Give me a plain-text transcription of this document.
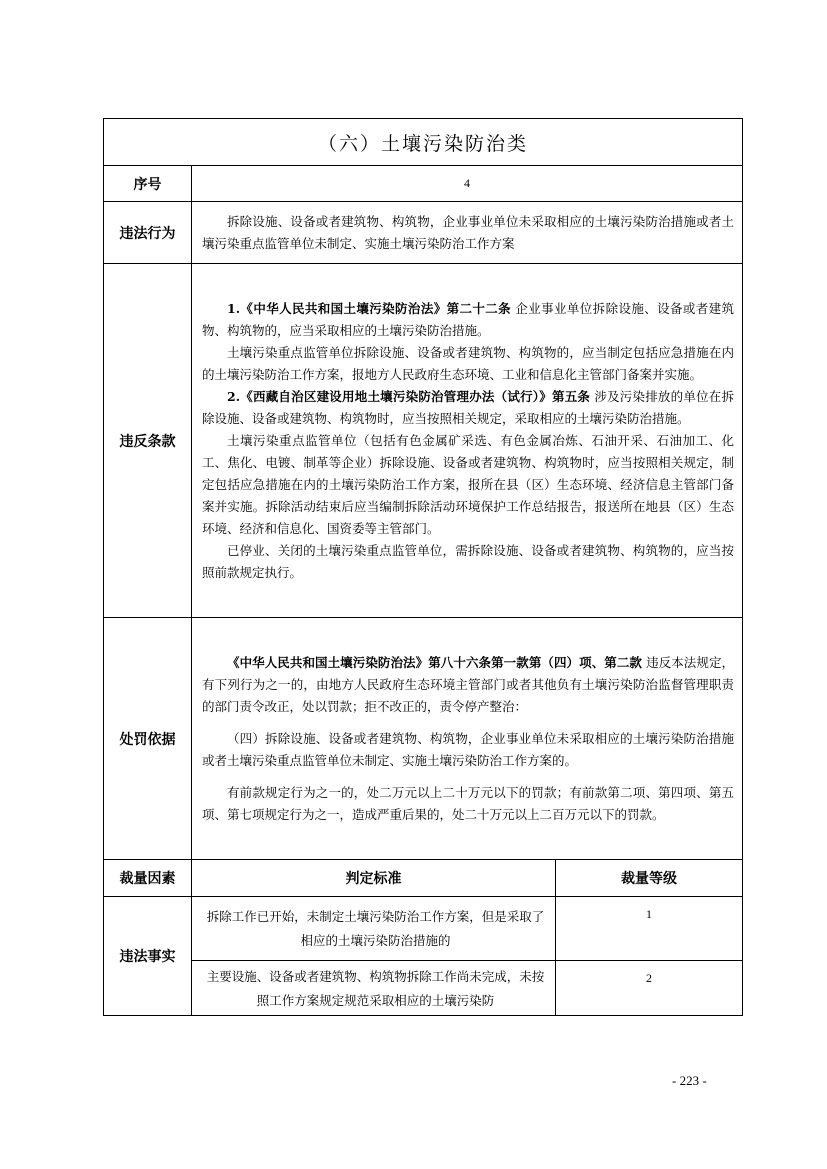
（六）土壤污染防治类		
序号	4	
违法行为	拆除设施、设备或者建筑物、构筑物，企业事业单位未采取相应的土壤污染防治措施或者土壤污染重点监管单位未制定、实施土壤污染防治工作方案	

违反条款	1.《中华人民共和国土壤污染防治法》第二十二条 企业事业单位拆除设施、设备或者建筑物、构筑物的，应当采取相应的土壤污染防治措施。

土壤污染重点监管单位拆除设施、设备或者建筑物、构筑物的，应当制定包括应急措施在内的土壤污染防治工作方案，报地方人民政府生态环境、工业和信息化主管部门备案并实施。

2.《西藏自治区建设用地土壤污染防治管理办法（试行）》第五条 涉及污染排放的单位在拆除设施、设备或建筑物、构筑物时，应当按照相关规定，采取相应的土壤污染防治措施。

土壤污染重点监管单位（包括有色金属矿采选、有色金属冶炼、石油开采、石油加工、化工、焦化、电镀、制革等企业）拆除设施、设备或者建筑物、构筑物时，应当按照相关规定，制定包括应急措施在内的土壤污染防治工作方案，报所在县（区）生态环境、经济信息主管部门备案并实施。拆除活动结束后应当编制拆除活动环境保护工作总结报告，报送所在地县（区）生态环境、经济和信息化、国资委等主管部门。

已停业、关闭的土壤污染重点监管单位，需拆除设施、设备或者建筑物、构筑物的，应当按照前款规定执行。	

处罚依据	《中华人民共和国土壤污染防治法》第八十六条第一款第（四）项、第二款 违反本法规定，有下列行为之一的，由地方人民政府生态环境主管部门或者其他负有土壤污染防治监督管理职责的部门责令改正，处以罚款；拒不改正的，责令停产整治：

（四）拆除设施、设备或者建筑物、构筑物，企业事业单位未采取相应的土壤污染防治措施或者土壤污染重点监管单位未制定、实施土壤污染防治工作方案的。

有前款规定行为之一的，处二万元以上二十万元以下的罚款；有前款第二项、第四项、第五项、第七项规定行为之一，造成严重后果的，处二十万元以上二百万元以下的罚款。	

裁量因素	判定标准	裁量等级
违法事实	拆除工作已开始，未制定土壤污染防治工作方案，但是采取了相应的土壤污染防治措施的	1
	主要设施、设备或者建筑物、构筑物拆除工作尚未完成，未按照工作方案规定规范采取相应的土壤污染防	2
- 223 -
